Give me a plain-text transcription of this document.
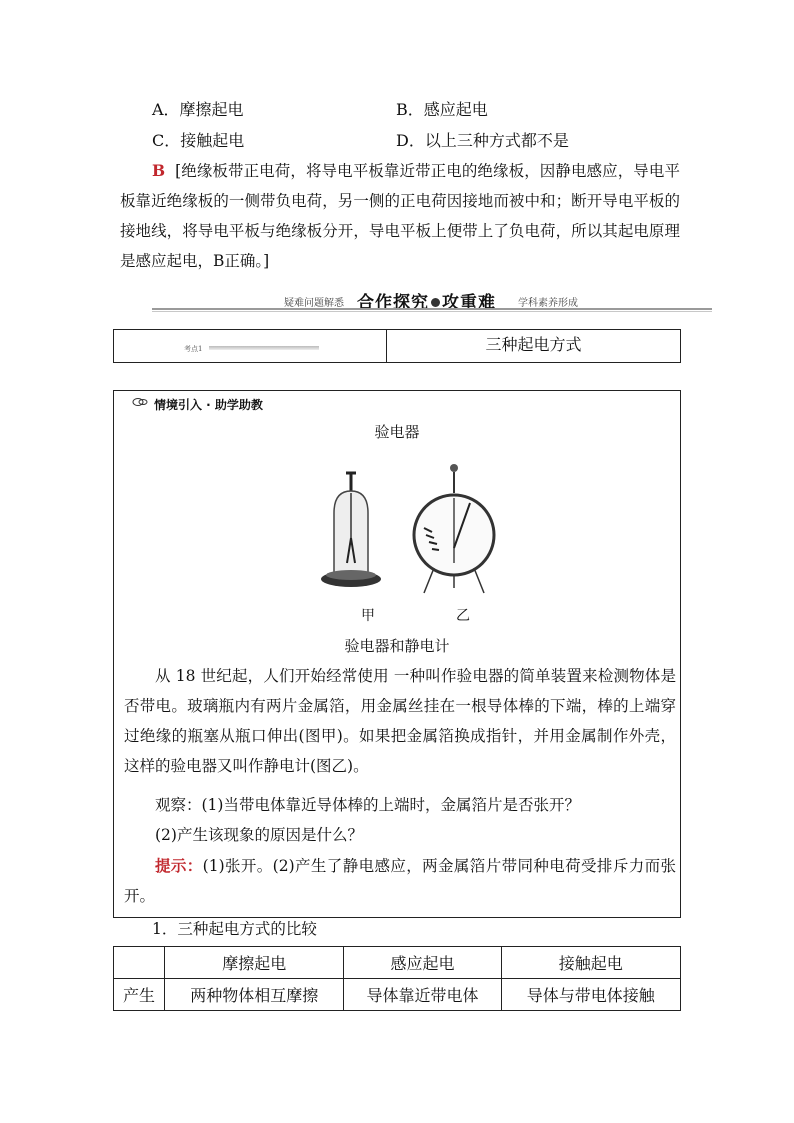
A．摩擦起电	B．感应起电
C．接触起电	D．以上三种方式都不是
B [绝缘板带正电荷，将导电平板靠近带正电的绝缘板，因静电感应，导电平板靠近绝缘板的一侧带负电荷，另一侧的正电荷因接地而被中和；断开导电平板的接地线，将导电平板与绝缘板分开，导电平板上便带上了负电荷，所以其起电原理是感应起电，B正确。]
疑难问题解悉 合作探究 攻重难 学科素养形成
考点1	三种起电方式
情境引入 · 助学助教
验电器
甲	乙
验电器和静电计
从 18 世纪起，人们开始经常使用 一种叫作验电器的简单装置来检测物体是否带电。玻璃瓶内有两片金属箔，用金属丝挂在一根导体棒的下端，棒的上端穿过绝缘的瓶塞从瓶口伸出(图甲)。如果把金属箔换成指针，并用金属制作外壳，这样的验电器又叫作静电计(图乙)。
观察：(1)当带电体靠近导体棒的上端时，金属箔片是否张开？
(2)产生该现象的原因是什么？
提示：(1)张开。(2)产生了静电感应，两金属箔片带同种电荷受排斥力而张开。
1．三种起电方式的比较
	摩擦起电	感应起电	接触起电
产生	两种物体相互摩擦	导体靠近带电体	导体与带电体接触
